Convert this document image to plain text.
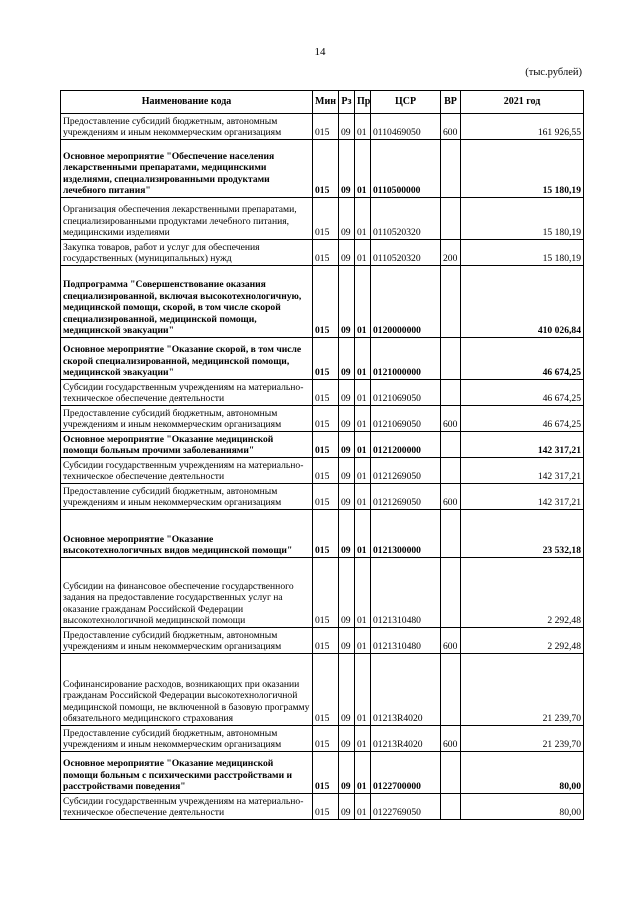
14
(тыс.рублей)
Наименование кода	Мин	Рз	Пр	ЦСР	ВР	2021 год
Предоставление субсидий бюджетным, автономным учреждениям и иным некоммерческим организациям	015	09	01	0110469050	600	161 926,55
Основное мероприятие "Обеспечение населения лекарственными препаратами, медицинскими изделиями, специализированными продуктами лечебного питания"	015	09	01	0110500000		15 180,19
Организация обеспечения лекарственными препаратами, специализированными продуктами лечебного питания, медицинскими изделиями	015	09	01	0110520320		15 180,19
Закупка товаров, работ и услуг для обеспечения государственных (муниципальных) нужд	015	09	01	0110520320	200	15 180,19
Подпрограмма "Совершенствование оказания специализированной, включая высокотехнологичную, медицинской помощи, скорой, в том числе скорой специализированной, медицинской помощи, медицинской эвакуации"	015	09	01	0120000000		410 026,84
Основное мероприятие "Оказание скорой, в том числе скорой специализированной, медицинской помощи, медицинской эвакуации"	015	09	01	0121000000		46 674,25
Субсидии государственным учреждениям на материально-техническое обеспечение деятельности	015	09	01	0121069050		46 674,25
Предоставление субсидий бюджетным, автономным учреждениям и иным некоммерческим организациям	015	09	01	0121069050	600	46 674,25
Основное мероприятие "Оказание медицинской помощи больным прочими заболеваниями"	015	09	01	0121200000		142 317,21
Субсидии государственным учреждениям на материально-техническое обеспечение деятельности	015	09	01	0121269050		142 317,21
Предоставление субсидий бюджетным, автономным учреждениям и иным некоммерческим организациям	015	09	01	0121269050	600	142 317,21
Основное мероприятие "Оказание высокотехнологичных видов медицинской помощи"	015	09	01	0121300000		23 532,18
Субсидии на финансовое обеспечение государственного задания на предоставление государственных услуг на оказание гражданам Российской Федерации высокотехнологичной медицинской помощи	015	09	01	0121310480		2 292,48
Предоставление субсидий бюджетным, автономным учреждениям и иным некоммерческим организациям	015	09	01	0121310480	600	2 292,48
Софинансирование расходов, возникающих при оказании гражданам Российской Федерации высокотехнологичной медицинской помощи, не включенной в базовую программу обязательного медицинского страхования	015	09	01	01213R4020		21 239,70
Предоставление субсидий бюджетным, автономным учреждениям и иным некоммерческим организациям	015	09	01	01213R4020	600	21 239,70
Основное мероприятие "Оказание медицинской помощи больным с психическими расстройствами и расстройствами поведения"	015	09	01	0122700000		80,00
Субсидии государственным учреждениям на материально-техническое обеспечение деятельности	015	09	01	0122769050		80,00
